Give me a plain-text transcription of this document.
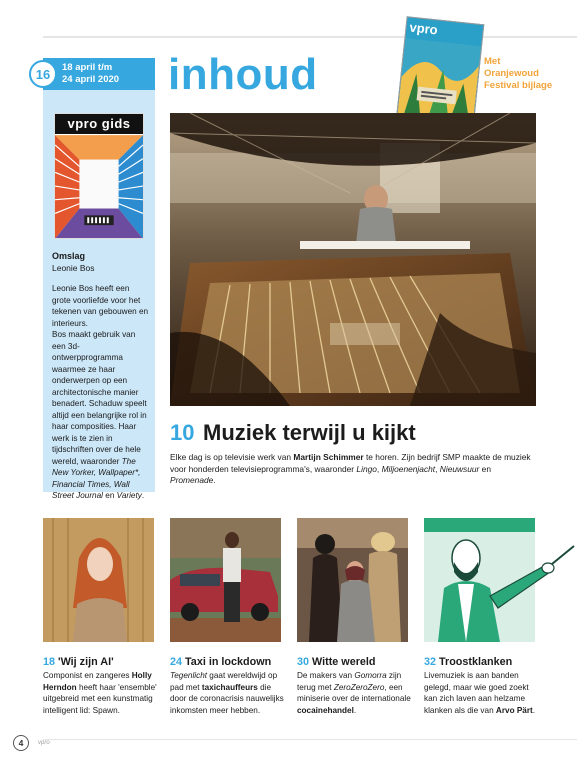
16	18 april t/m
24 april 2020	inhoud
vpro
Met Oranjewoud Festival bijlage
vpro gids
Omslag
Leonie Bos
Leonie Bos heeft een grote voorliefde voor het tekenen van gebouwen en interieurs.
Bos maakt gebruik van een 3d-ontwerpprogramma waarmee ze haar onderwerpen op een architectonische manier benadert. Schaduw speelt altijd een belangrijke rol in haar composities. Haar werk is te zien in tijdschriften over de hele wereld, waaronder The New Yorker, Wallpaper*, Financial Times, Wall Street Journal en Variety.
10 Muziek terwijl u kijkt
Elke dag is op televisie werk van Martijn Schimmer te horen. Zijn bedrijf SMP maakte de muziek voor honderden televisieprogramma's, waaronder Lingo, Miljoenenjacht, Nieuwsuur en Promenade.
18 'Wij zijn AI'
Componist en zangeres Holly Herndon heeft haar 'ensemble' uitgebreid met een kunstmatig intelligent lid: Spawn.
24 Taxi in lockdown
Tegenlicht gaat wereldwijd op pad met taxichauffeurs die door de coronacrisis nauwelijks inkomsten meer hebben.
30 Witte wereld
De makers van Gomorra zijn terug met ZeroZeroZero, een miniserie over de internationale cocainehandel.
32 Troostklanken
Livemuziek is aan banden gelegd, maar wie goed zoekt kan zich laven aan helzame klanken als die van Arvo Pärt.
4	vpro
